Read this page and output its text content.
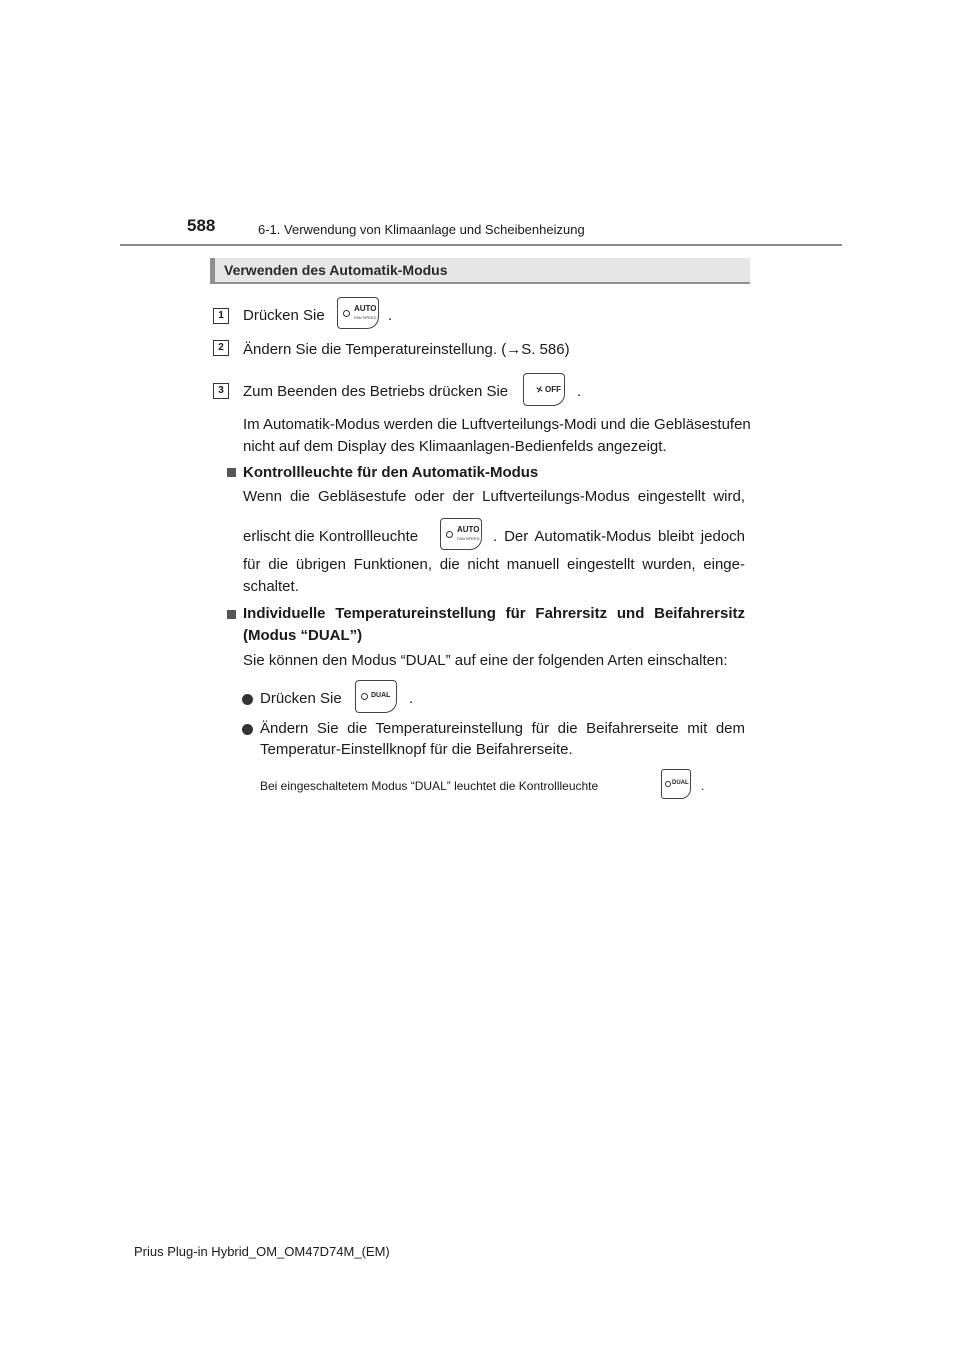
588	6-1. Verwendung von Klimaanlage und Scheibenheizung
Verwenden des Automatik-Modus
1	Drücken Sie	AUTO
FAN SPEED .
2	Ändern Sie die Temperatureinstellung. (→S. 586)
3	Zum Beenden des Betriebs drücken Sie	OFF .
Im Automatik-Modus werden die Luftverteilungs-Modi und die Gebläsestufen
nicht auf dem Display des Klimaanlagen-Bedienfelds angezeigt.
Kontrollleuchte für den Automatik-Modus
Wenn die Gebläsestufe oder der Luftverteilungs-Modus eingestellt wird,
erlischt die Kontrollleuchte	AUTO
FAN SPEED . Der Automatik-Modus bleibt jedoch
für die übrigen Funktionen, die nicht manuell eingestellt wurden, einge-
schaltet.
Individuelle Temperatureinstellung für Fahrersitz und Beifahrersitz
(Modus “DUAL”)
Sie können den Modus “DUAL” auf eine der folgenden Arten einschalten:
Drücken Sie	DUAL .
Ändern Sie die Temperatureinstellung für die Beifahrerseite mit dem
Temperatur-Einstellknopf für die Beifahrerseite.
Bei eingeschaltetem Modus “DUAL” leuchtet die Kontrollleuchte	DUAL .
Prius Plug-in Hybrid_OM_OM47D74M_(EM)
